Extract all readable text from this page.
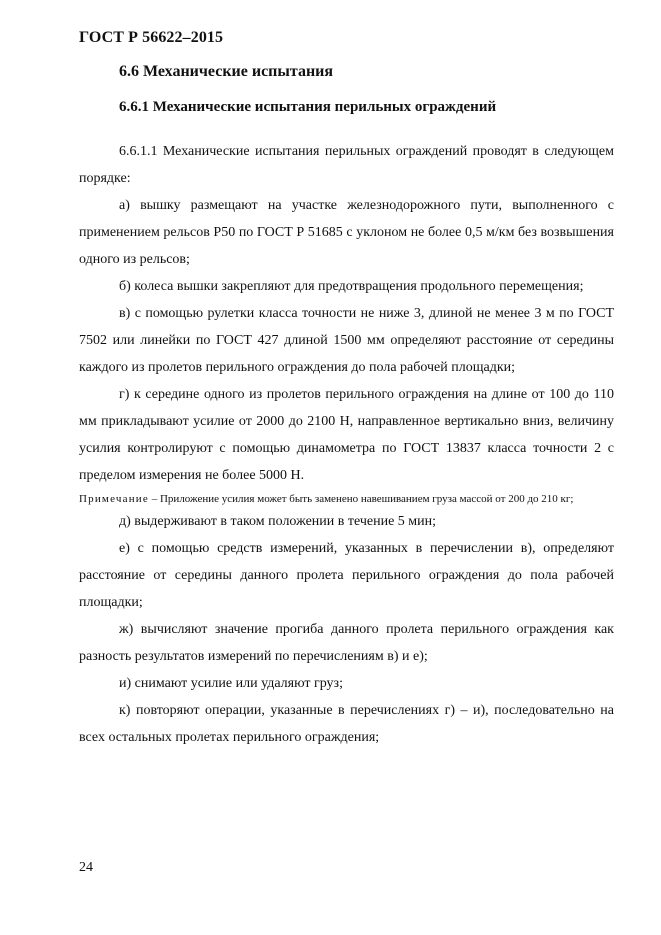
ГОСТ Р 56622–2015
6.6 Механические испытания
6.6.1 Механические испытания перильных ограждений

6.6.1.1 Механические испытания перильных ограждений проводят в следующем порядке:

а) вышку размещают на участке железнодорожного пути, выполненного с применением рельсов Р50 по ГОСТ Р 51685 с уклоном не более 0,5 м/км без возвышения одного из рельсов;

б) колеса вышки закрепляют для предотвращения продольного перемещения;

в) с помощью рулетки класса точности не ниже 3, длиной не менее 3 м по ГОСТ 7502 или линейки по ГОСТ 427 длиной 1500 мм определяют расстояние от середины каждого из пролетов перильного ограждения до пола рабочей площадки;

г) к середине одного из пролетов перильного ограждения на длине от 100 до 110 мм прикладывают усилие от 2000 до 2100 Н, направленное вертикально вниз, величину усилия контролируют с помощью динамометра по ГОСТ 13837 класса точности 2 с пределом измерения не более 5000 Н.

Примечание – Приложение усилия может быть заменено навешиванием груза массой от 200 до 210 кг;

д) выдерживают в таком положении в течение 5 мин;

е) с помощью средств измерений, указанных в перечислении в), определяют расстояние от середины данного пролета перильного ограждения до пола рабочей площадки;

ж) вычисляют значение прогиба данного пролета перильного ограждения как разность результатов измерений по перечислениям в) и е);

и) снимают усилие или удаляют груз;

к) повторяют операции, указанные в перечислениях г) – и), последовательно на всех остальных пролетах перильного ограждения;

24
